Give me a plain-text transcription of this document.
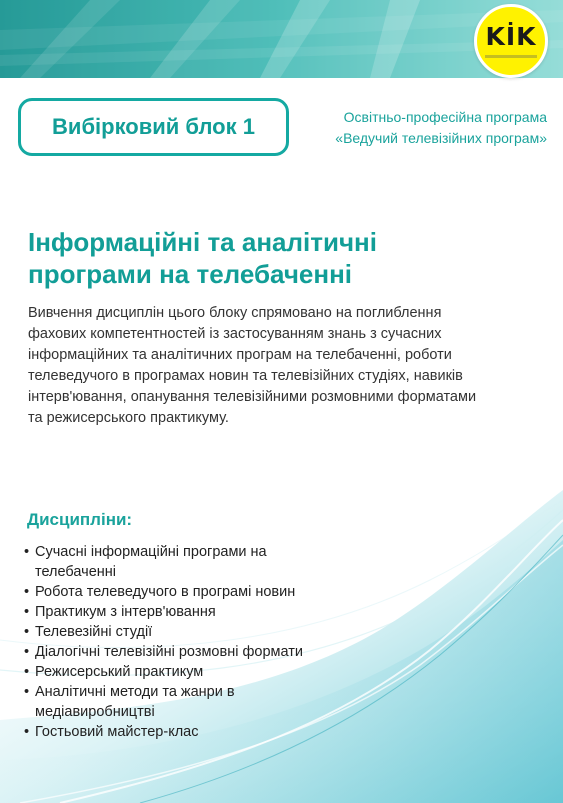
KİK
Вибірковий блок 1	Освітньо-професійна програма
«Ведучий телевізійних програм»
Інформаційні та аналітичні
програми на телебаченні

Вивчення дисциплін цього блоку спрямовано на поглиблення
фахових компетентностей із застосуванням знань з сучасних
інформаційних та аналітичних програм на телебаченні, роботи
телеведучого в програмах новин та телевізійних студіях, навиків
інтерв'ювання, опанування телевізійними розмовними форматами
та режисерського практикуму.

Дисципліни:
• Сучасні інформаційні програми на
телебаченні
• Робота телеведучого в програмі новин
• Практикум з інтерв'ювання
• Телевезійні студії
• Діалогічні телевізійні розмовні формати
• Режисерський практикум
• Аналітичні методи та жанри в
медіавиробництві
• Гостьовий майстер-клас
